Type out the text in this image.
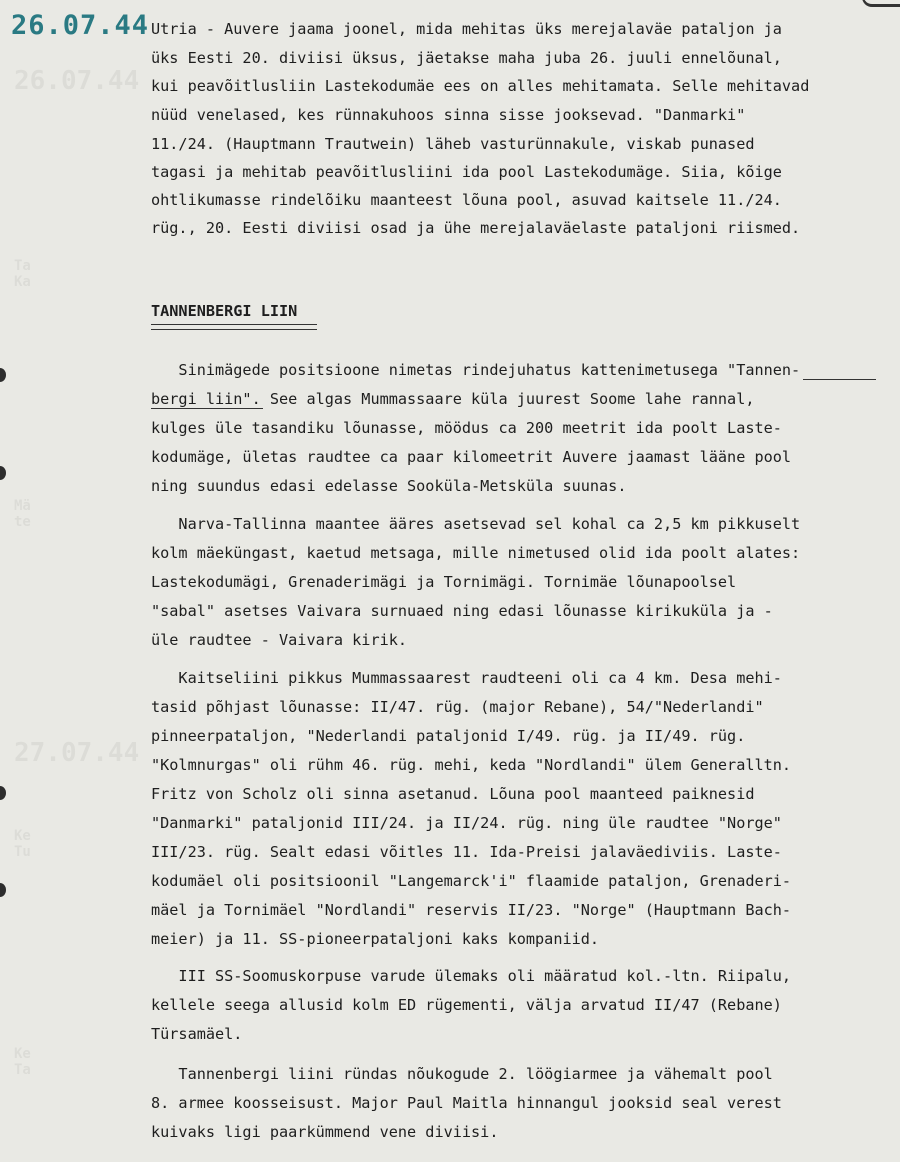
26.07.44
Ta
Ka
Mä
te
27.07.44
Ke
Tu
Ke
Ta
26.07.44 Utria - Auvere jaama joonel, mida mehitas üks merejalaväe pataljon ja
üks Eesti 20. diviisi üksus, jäetakse maha juba 26. juuli ennelõunal,
kui peavõitlusliin Lastekodumäe ees on alles mehitamata. Selle mehitavad
nüüd venelased, kes rünnakuhoos sinna sisse jooksevad. "Danmarki"
11./24. (Hauptmann Trautwein) läheb vasturünnakule, viskab punased
tagasi ja mehitab peavõitlusliini ida pool Lastekodumäge. Siia, kõige
ohtlikumasse rindelõiku maanteest lõuna pool, asuvad kaitsele 11./24.
rüg., 20. Eesti diviisi osad ja ühe merejalaväelaste pataljoni riismed.
TANNENBERGI LIIN
Sinimägede positsioone nimetas rindejuhatus kattenimetusega "Tannen-
bergi liin". See algas Mummassaare küla juurest Soome lahe rannal,
kulges üle tasandiku lõunasse, möödus ca 200 meetrit ida poolt Laste-
kodumäge, ületas raudtee ca paar kilomeetrit Auvere jaamast lääne pool
ning suundus edasi edelasse Sooküla-Metsküla suunas.
Narva-Tallinna maantee ääres asetsevad sel kohal ca 2,5 km pikkuselt
kolm mäeküngast, kaetud metsaga, mille nimetused olid ida poolt alates:
Lastekodumägi, Grenaderimägi ja Tornimägi. Tornimäe lõunapoolsel
"sabal" asetses Vaivara surnuaed ning edasi lõunasse kirikuküla ja -
üle raudtee - Vaivara kirik.
Kaitseliini pikkus Mummassaarest raudteeni oli ca 4 km. Desa mehi-
tasid põhjast lõunasse: II/47. rüg. (major Rebane), 54/"Nederlandi"
pinneerpataljon, "Nederlandi pataljonid I/49. rüg. ja II/49. rüg.
"Kolmnurgas" oli rühm 46. rüg. mehi, keda "Nordlandi" ülem Generalltn.
Fritz von Scholz oli sinna asetanud. Lõuna pool maanteed paiknesid
"Danmarki" pataljonid III/24. ja II/24. rüg. ning üle raudtee "Norge"
III/23. rüg. Sealt edasi võitles 11. Ida-Preisi jalaväediviis. Laste-
kodumäel oli positsioonil "Langemarck'i" flaamide pataljon, Grenaderi-
mäel ja Tornimäel "Nordlandi" reservis II/23. "Norge" (Hauptmann Bach-
meier) ja 11. SS-pioneerpataljoni kaks kompaniid.
III SS-Soomuskorpuse varude ülemaks oli määratud kol.-ltn. Riipalu,
kellele seega allusid kolm ED rügementi, välja arvatud II/47 (Rebane)
Türsamäel.
Tannenbergi liini ründas nõukogude 2. löögiarmee ja vähemalt pool
8. armee koosseisust. Major Paul Maitla hinnangul jooksid seal verest
kuivaks ligi paarkümmend vene diviisi.
